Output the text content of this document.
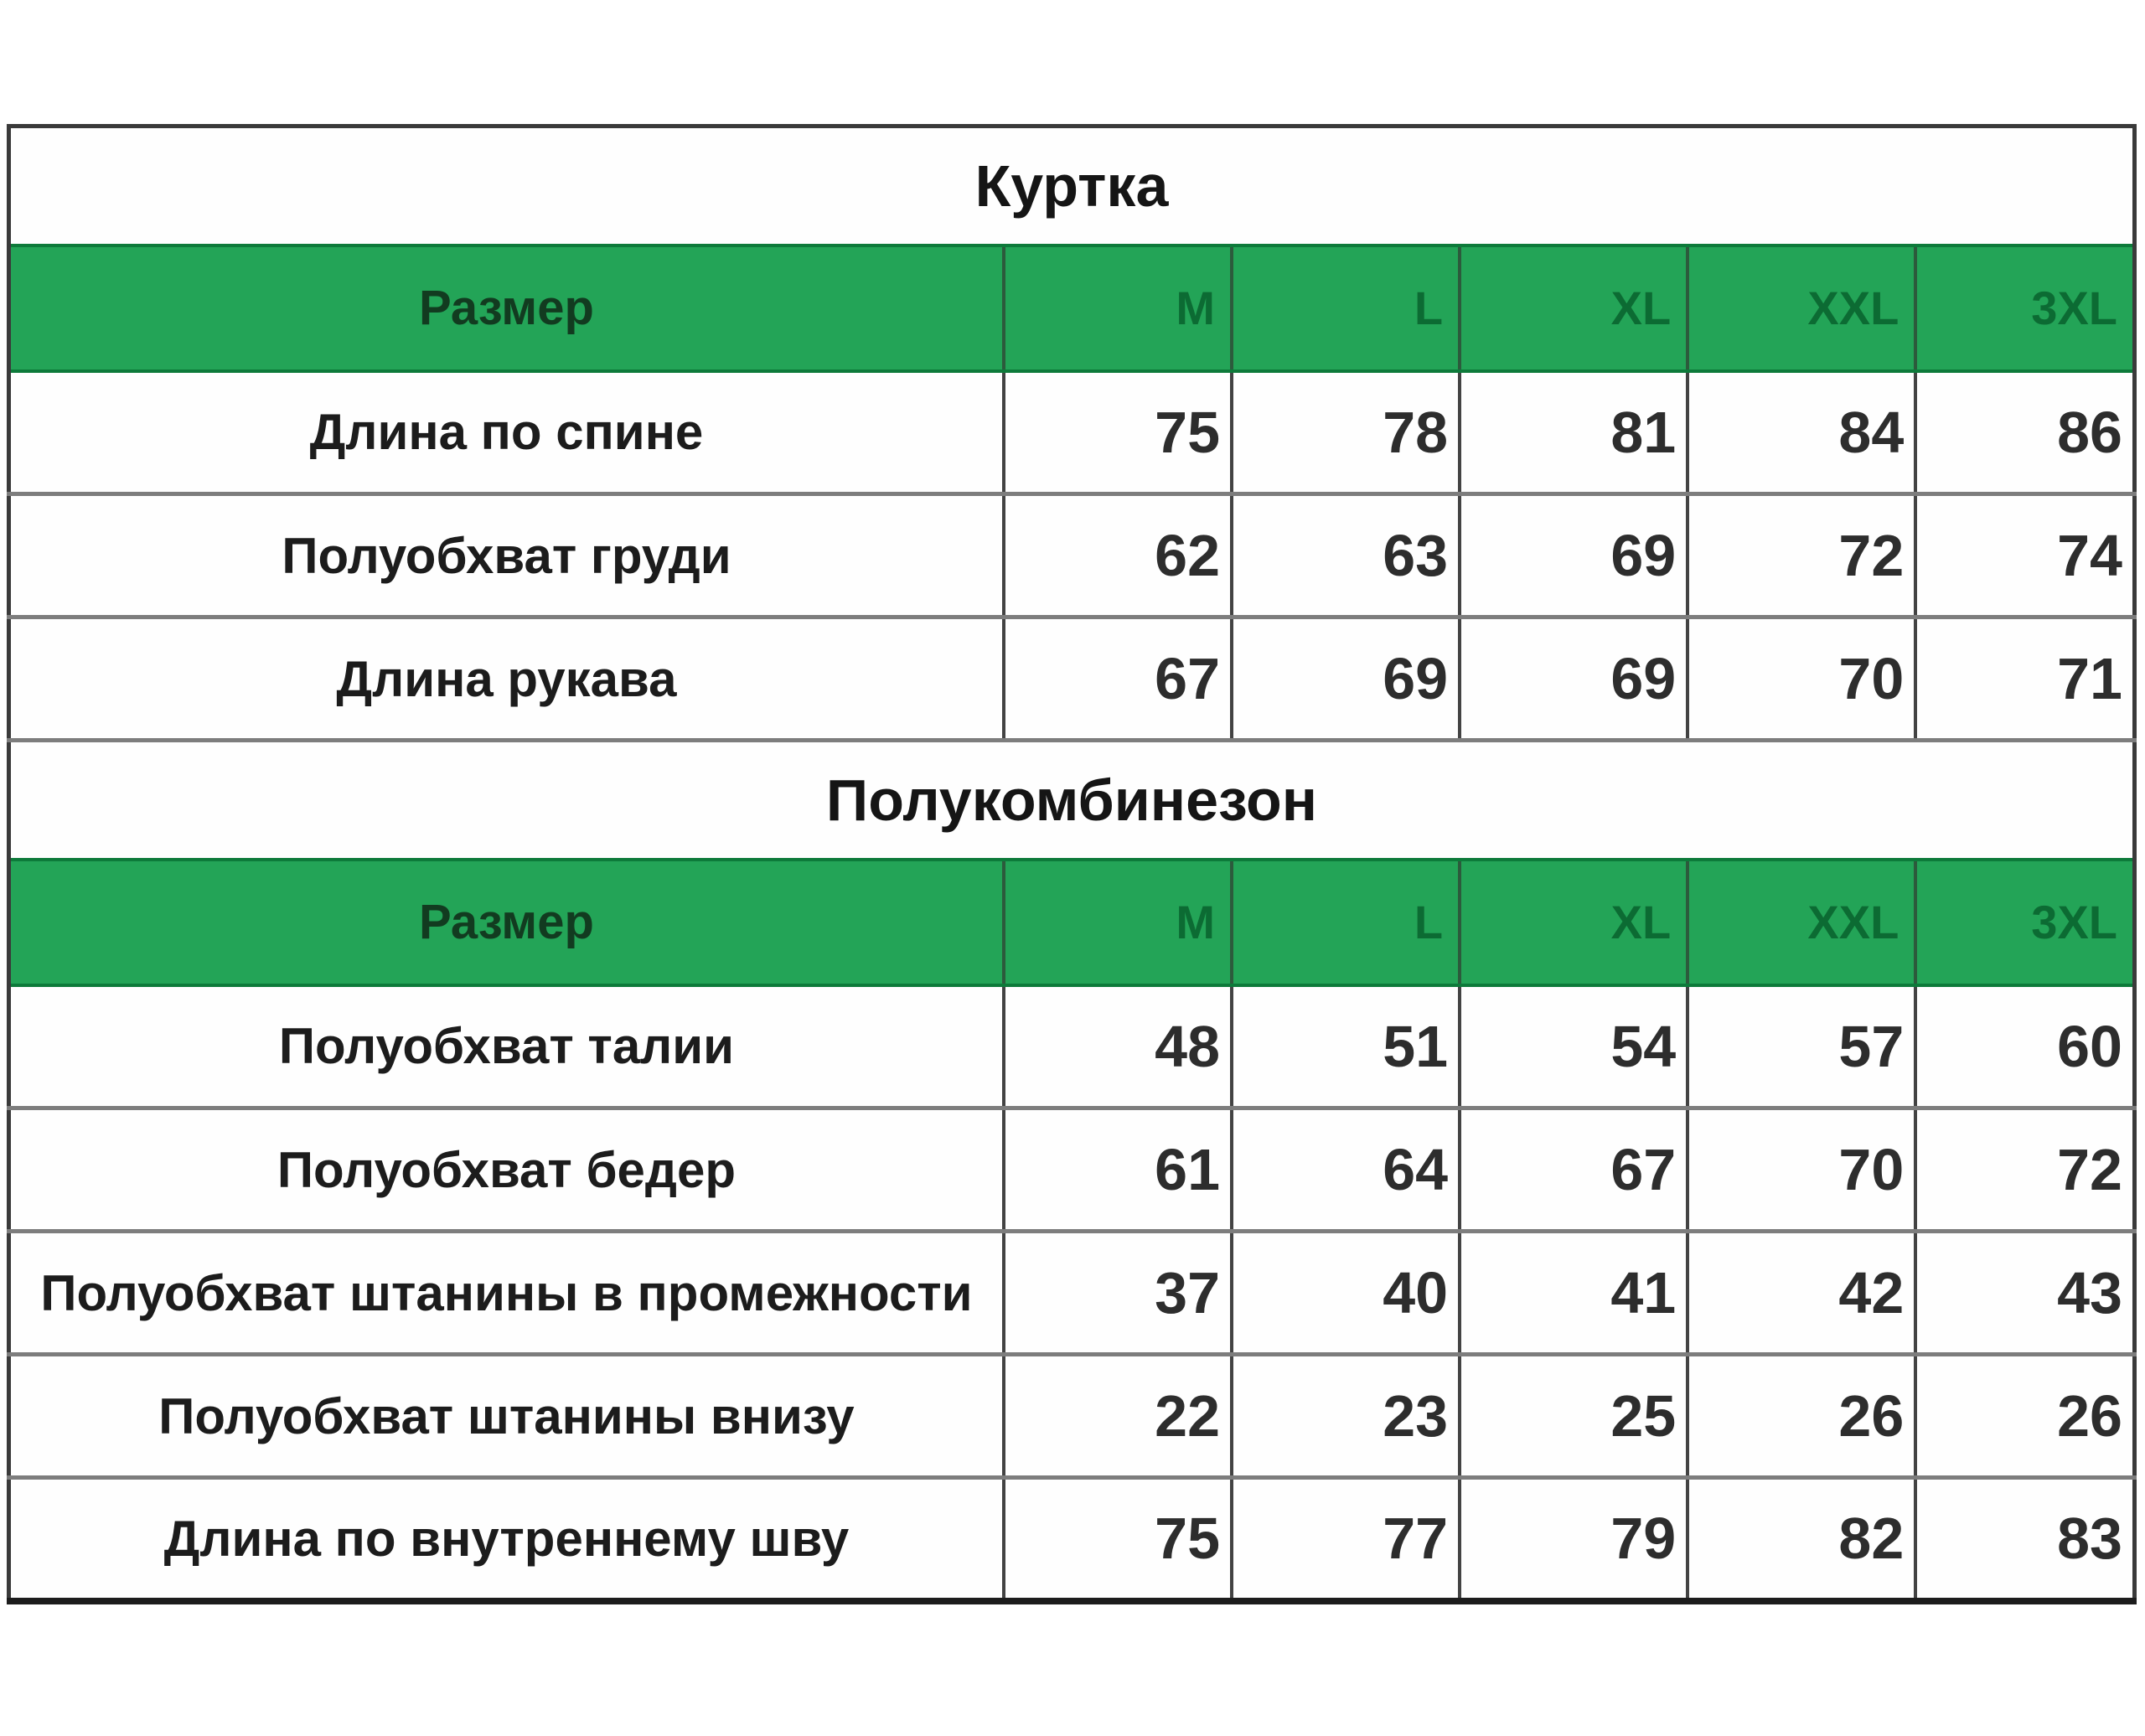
Куртка					
Размер	M	L	XL	XXL	3XL
Длина по спине	75	78	81	84	86
Полуобхват груди	62	63	69	72	74
Длина рукава	67	69	69	70	71
Полукомбинезон					
Размер	M	L	XL	XXL	3XL
Полуобхват талии	48	51	54	57	60
Полуобхват бедер	61	64	67	70	72
Полуобхват штанины в промежности	37	40	41	42	43
Полуобхват штанины внизу	22	23	25	26	26
Длина по внутреннему шву	75	77	79	82	83
